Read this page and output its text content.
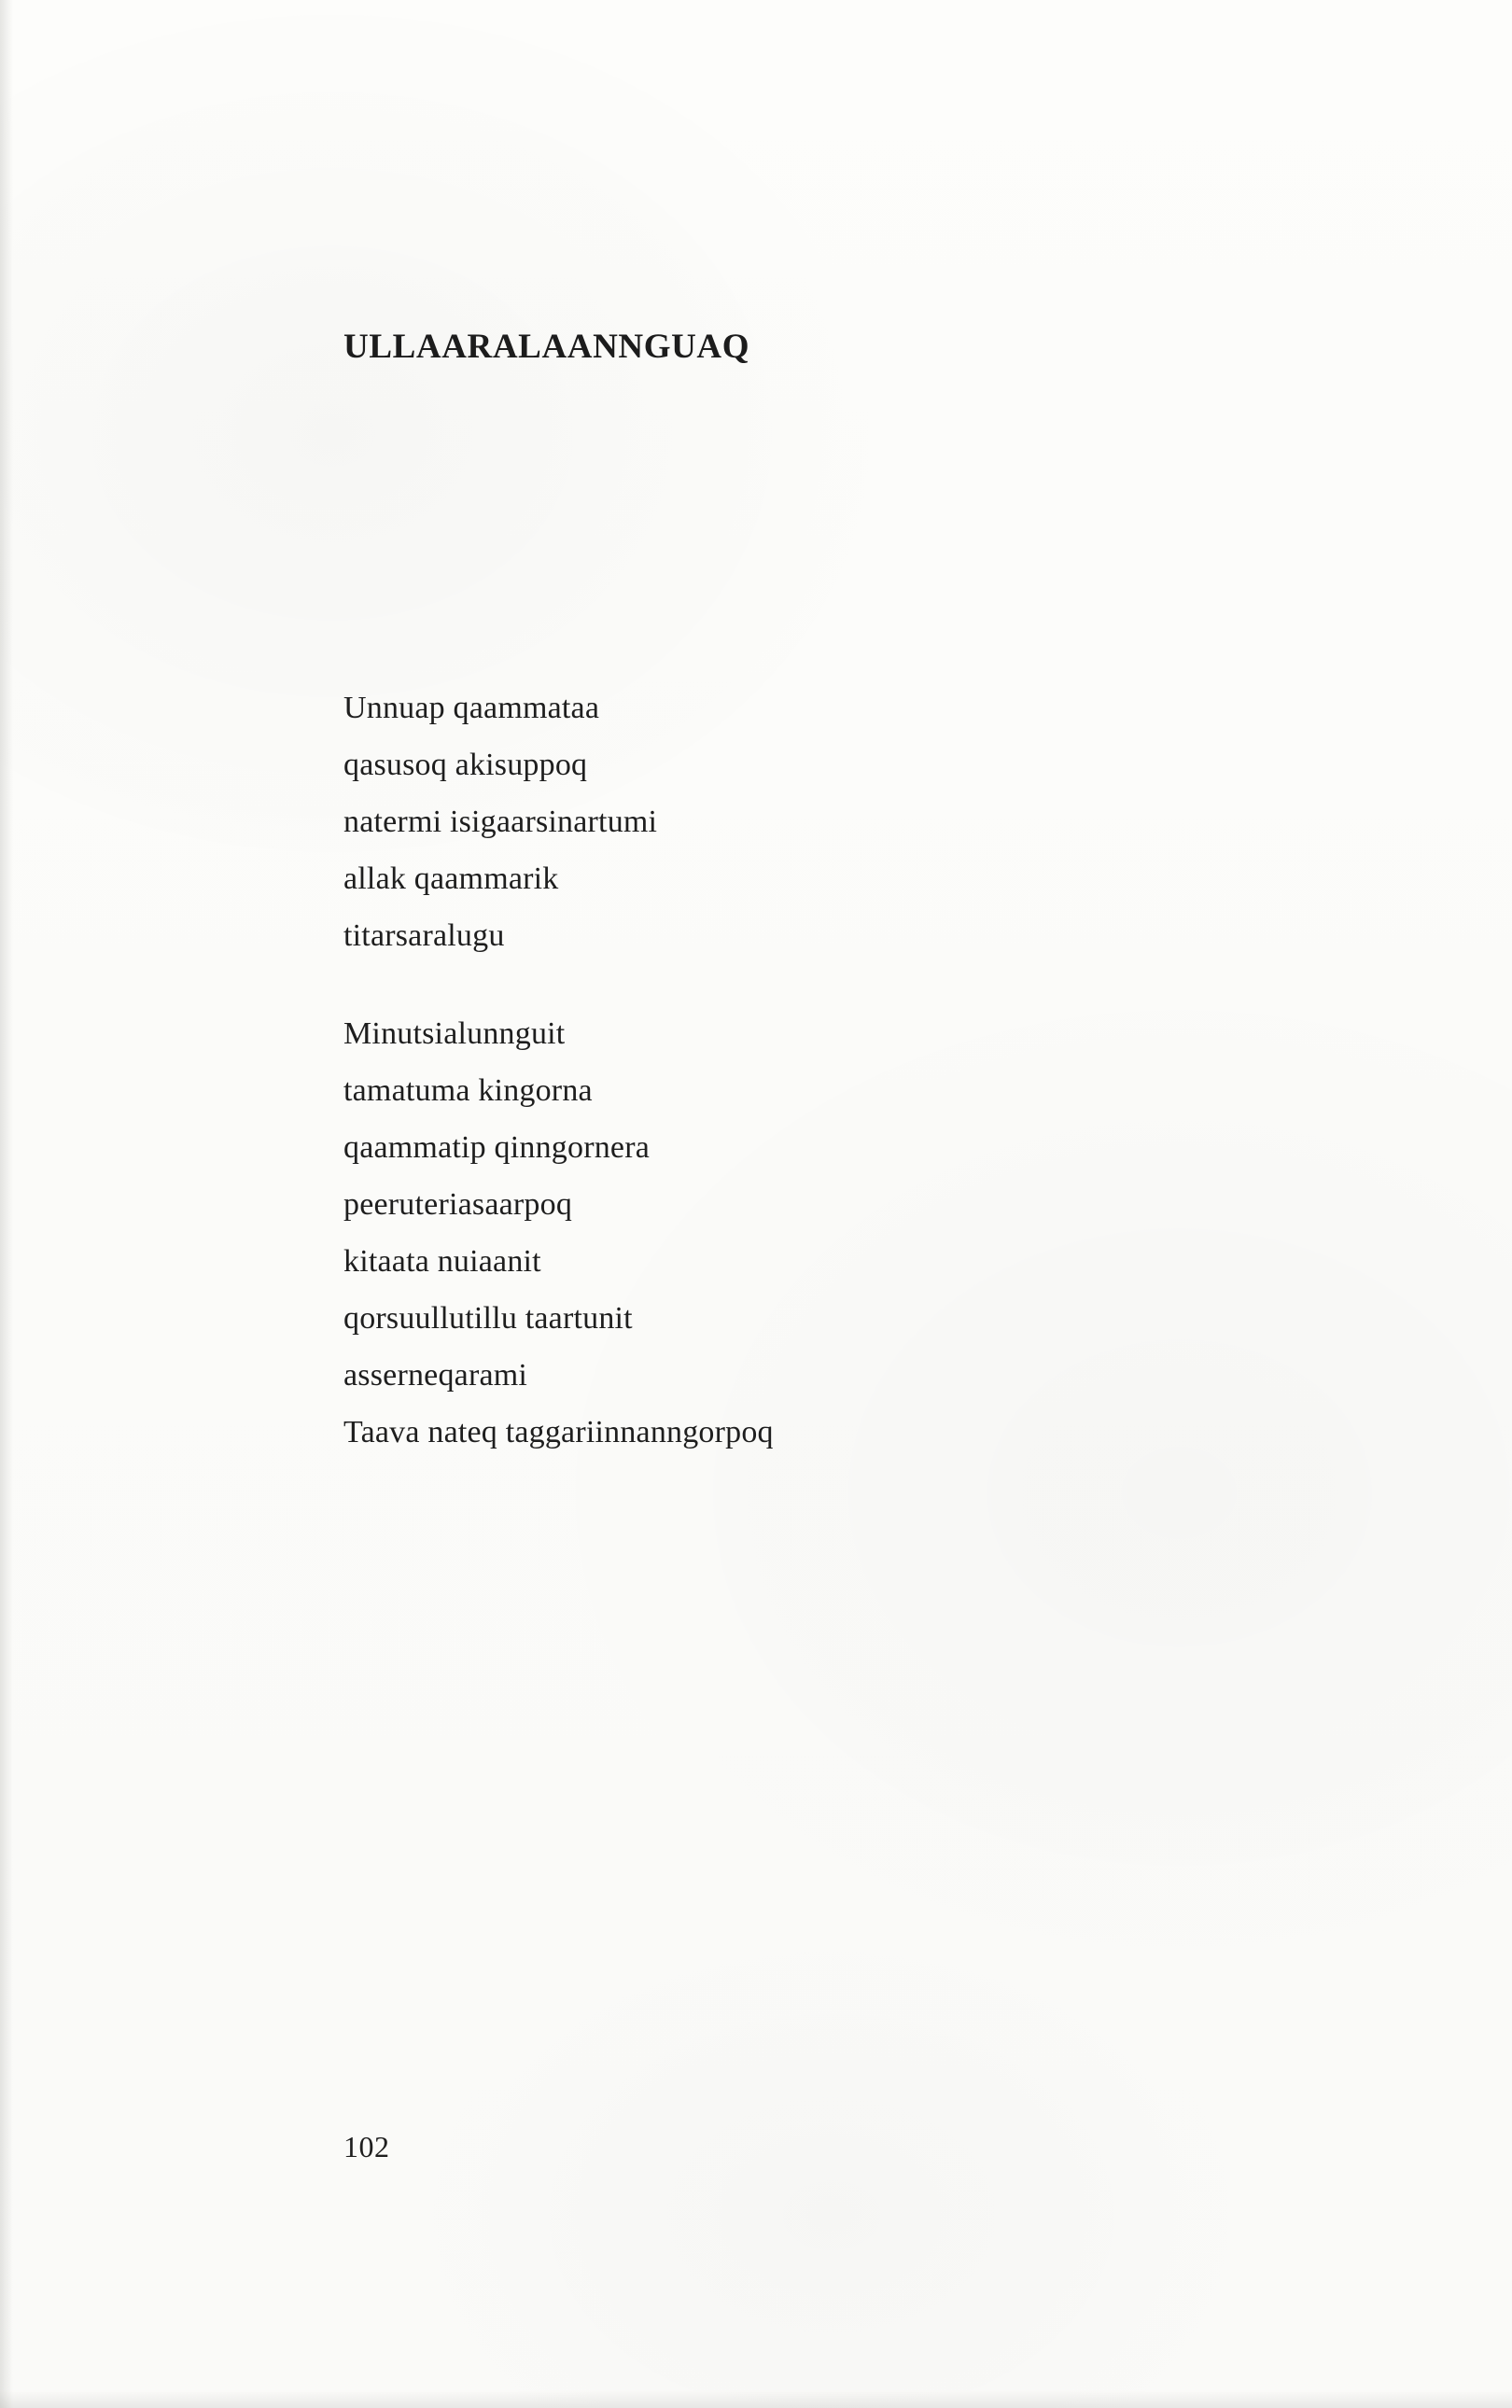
ullaaralaannguaq
Unnuap qaammataa
qasusoq akisuppoq
natermi isigaarsinartumi
allak qaammarik
titarsaralugu
Minutsialunnguit
tamatuma kingorna
qaammatip qinngornera
peeruteriasaarpoq
kitaata nuiaanit
qorsuullutillu taartunit
asserneqarami
Taava nateq taggariinnanngorpoq
102
